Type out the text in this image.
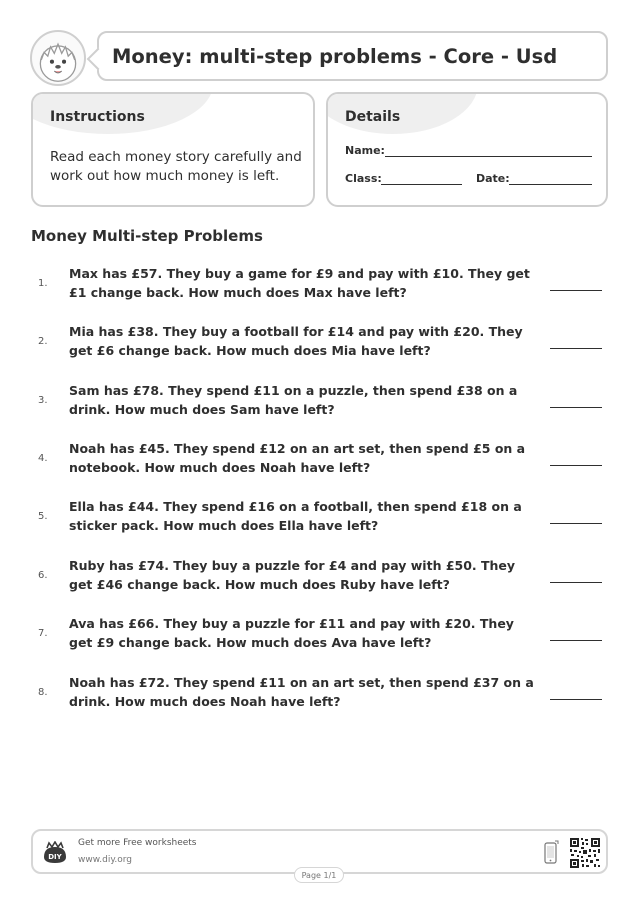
Money: multi-step problems - Core - Usd
Instructions
Read each money story carefully and work out how much money is left.
Details
Name:
Class:	Date:
Money Multi-step Problems
1.
Max has £57. They buy a game for £9 and pay with £10. They get £1 change back. How much does Max have left?
2.
Mia has £38. They buy a football for £14 and pay with £20. They get £6 change back. How much does Mia have left?
3.
Sam has £78. They spend £11 on a puzzle, then spend £38 on a drink. How much does Sam have left?
4.
Noah has £45. They spend £12 on an art set, then spend £5 on a notebook. How much does Noah have left?
5.
Ella has £44. They spend £16 on a football, then spend £18 on a sticker pack. How much does Ella have left?
6.
Ruby has £74. They buy a puzzle for £4 and pay with £50. They get £46 change back. How much does Ruby have left?
7.
Ava has £66. They buy a puzzle for £11 and pay with £20. They get £9 change back. How much does Ava have left?
8.
Noah has £72. They spend £11 on an art set, then spend £37 on a drink. How much does Noah have left?
DIY
Get more Free worksheets
www.diy.org
Page 1/1
